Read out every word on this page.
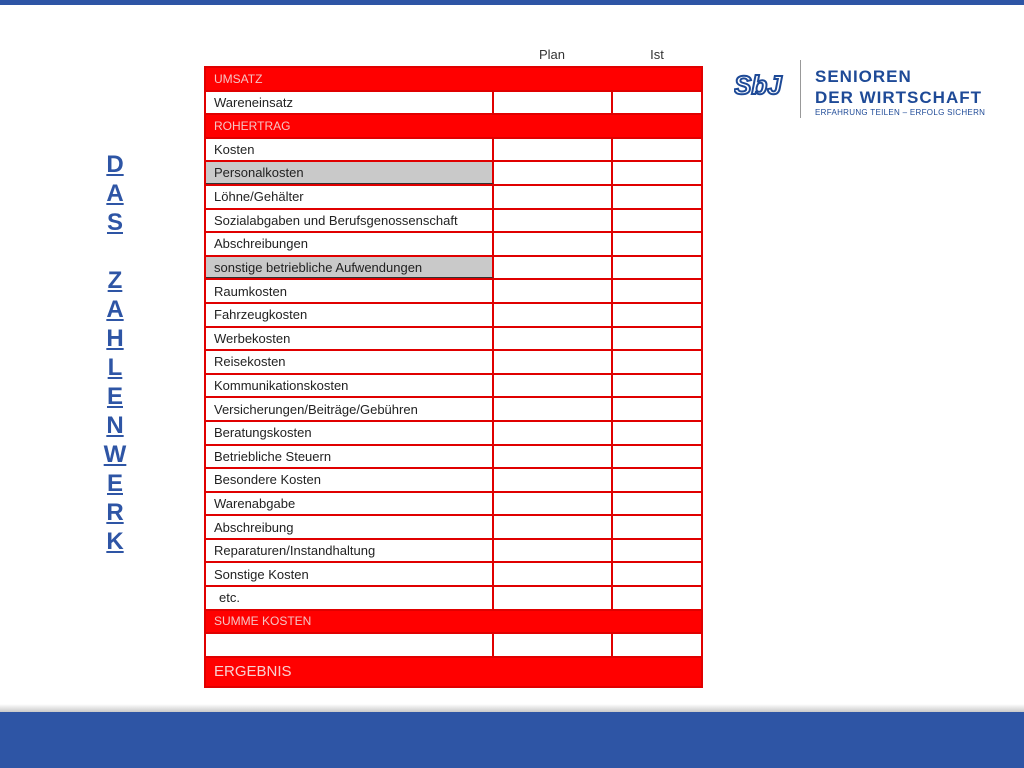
D
A
S
Z
A
H
L
E
N
W
E
R
K
Plan	Ist
UMSATZ
Wareneinsatz
ROHERTRAG
Kosten
Personalkosten
Löhne/Gehälter
Sozialabgaben und Berufsgenossenschaft
Abschreibungen
sonstige betriebliche Aufwendungen
Raumkosten
Fahrzeugkosten
Werbekosten
Reisekosten
Kommunikationskosten
Versicherungen/Beiträge/Gebühren
Beratungskosten
Betriebliche Steuern
Besondere Kosten
Warenabgabe
Abschreibung
Reparaturen/Instandhaltung
Sonstige Kosten
etc.
SUMME KOSTEN
ERGEBNIS
SbJ SENIOREN
DER WIRTSCHAFT
ERFAHRUNG TEILEN – ERFOLG SICHERN
